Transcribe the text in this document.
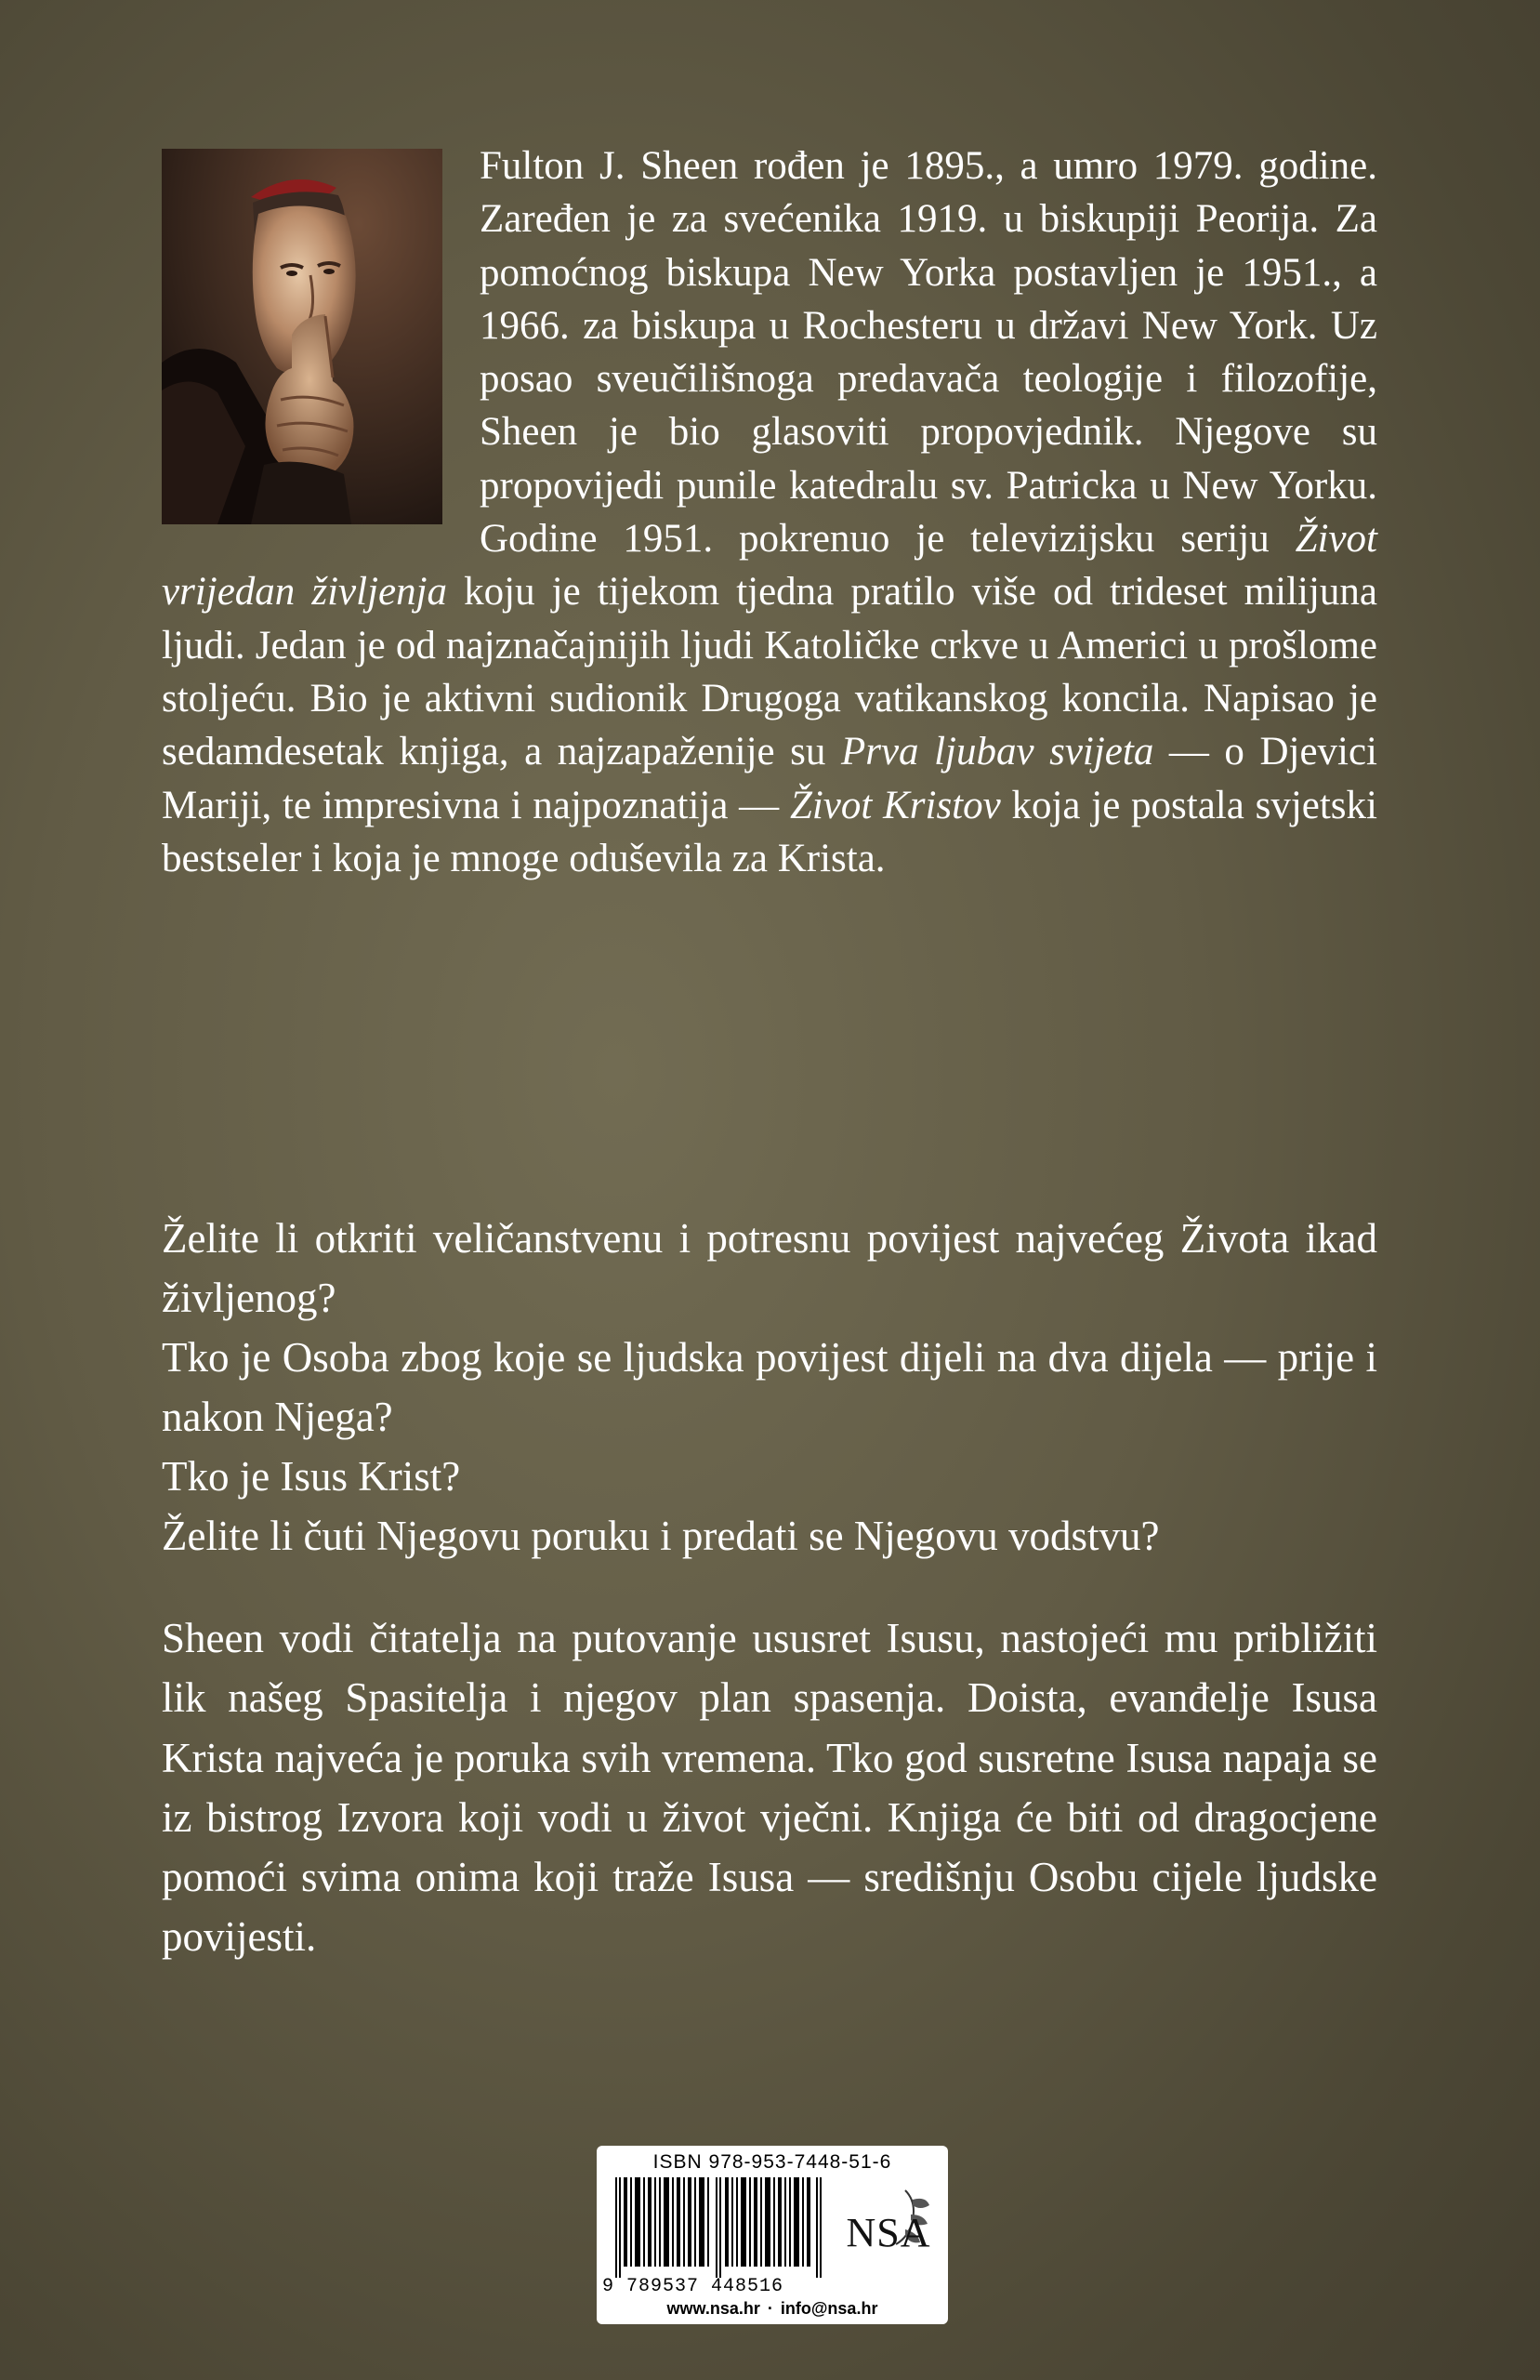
Fulton J. Sheen rođen je 1895., a umro 1979. godine. Zaređen je za svećenika 1919. u biskupiji Peorija. Za pomoćnog biskupa New Yorka postavljen je 1951., a 1966. za biskupa u Rochesteru u državi New York. Uz posao sveučilišnoga predavača teologije i filozofije, Sheen je bio glasoviti propovjednik. Njegove su propovijedi punile katedralu sv. Patricka u New Yorku. Godine 1951. pokrenuo je televizijsku seriju Život vrijedan življenja koju je tijekom tjedna pratilo više od trideset milijuna ljudi. Jedan je od najznačajnijih ljudi Katoličke crkve u Americi u prošlome stoljeću. Bio je aktivni sudionik Drugoga vatikanskog koncila. Napisao je sedamdesetak knjiga, a najzapaženije su Prva ljubav svijeta — o Djevici Mariji, te impresivna i najpoznatija — Život Kristov koja je postala svjetski bestseler i koja je mnoge oduševila za Krista.

Želite li otkriti veličanstvenu i potresnu povijest najvećeg Života ikad življenog?

Tko je Osoba zbog koje se ljudska povijest dijeli na dva dijela — prije i nakon Njega?

Tko je Isus Krist?

Želite li čuti Njegovu poruku i predati se Njegovu vodstvu?

Sheen vodi čitatelja na putovanje ususret Isusu, nastojeći mu približiti lik našeg Spasitelja i njegov plan spasenja. Doista, evanđelje Isusa Krista najveća je poruka svih vremena. Tko god susretne Isusa napaja se iz bistrog Izvora koji vodi u život vječni. Knjiga će biti od dragocjene pomoći svima onima koji traže Isusa — središnju Osobu cijele ljudske povijesti.

ISBN 978-953-7448-51-6
9 789537 448516
NSA
www.nsa.hr · info@nsa.hr
